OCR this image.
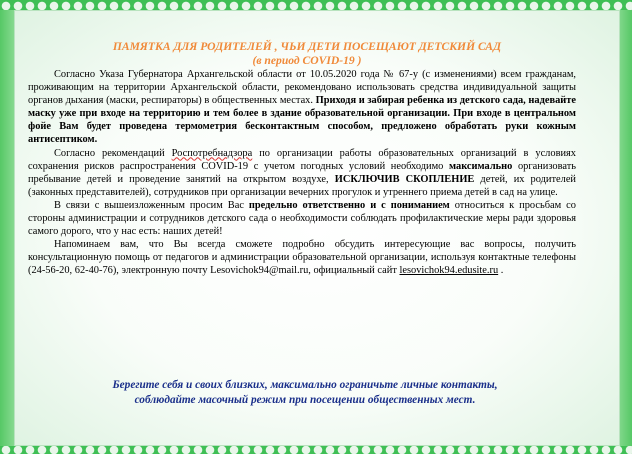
ПАМЯТКА ДЛЯ РОДИТЕЛЕЙ , ЧЬИ ДЕТИ ПОСЕЩАЮТ ДЕТСКИЙ САД
(в период COVID-19 )

Согласно Указа Губернатора Архангельской области от 10.05.2020 года № 67-у (с изменениями) всем гражданам, проживающим на территории Архангельской области, рекомендовано использовать средства индивидуальной защиты органов дыхания (маски, респираторы) в общественных местах. Приходя и забирая ребенка из детского сада, надевайте маску уже при входе на территорию и тем более в здание образовательной организации. При входе в центральном фойе Вам будет проведена термометрия бесконтактным способом, предложено обработать руки кожным антисептиком.

Согласно рекомендаций Роспотребнадзора по организации работы образовательных организаций в условиях сохранения рисков распространения COVID-19 с учетом погодных условий необходимо максимально организовать пребывание детей и проведение занятий на открытом воздухе, ИСКЛЮЧИВ СКОПЛЕНИЕ детей, их родителей (законных представителей), сотрудников при организации вечерних прогулок и утреннего приема детей в сад на улице.

В связи с вышеизложенным просим Вас предельно ответственно и с пониманием относиться к просьбам со стороны администрации и сотрудников детского сада о необходимости соблюдать профилактические меры ради здоровья самого дорого, что у нас есть: наших детей!

Напоминаем вам, что Вы всегда сможете подробно обсудить интересующие вас вопросы, получить консультационную помощь от педагогов и администрации образовательной организации, используя контактные телефоны (24-56-20, 62-40-76), электронную почту Lesovichok94@mail.ru, официальный сайт lesovichok94.edusite.ru .

Берегите себя и своих близких, максимально ограничьте личные контакты,
соблюдайте масочный режим при посещении общественных мест.
